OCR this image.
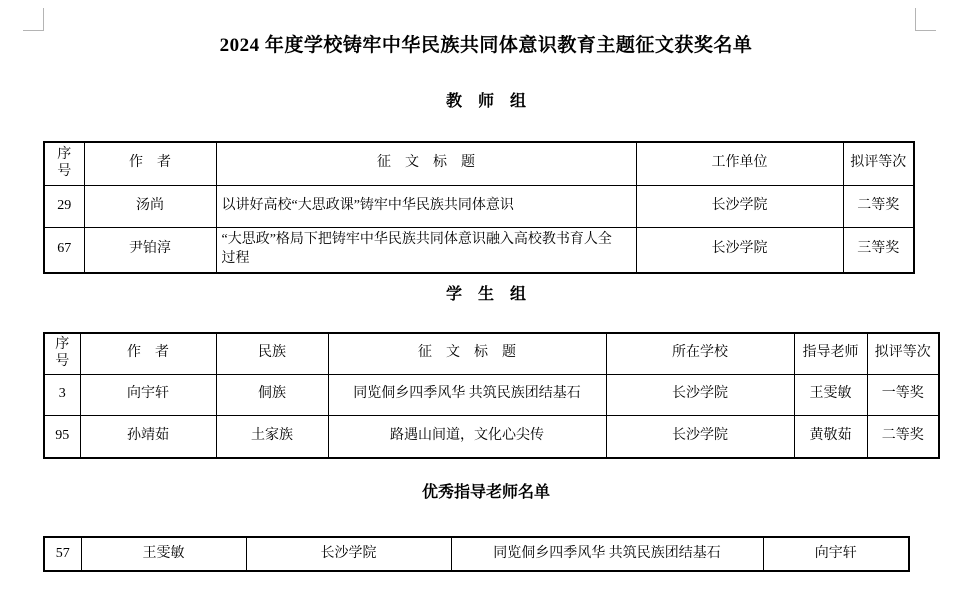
2024 年度学校铸牢中华民族共同体意识教育主题征文获奖名单
教　师　组
序号	作　者	征　文　标　题	工作单位	拟评等次
29	汤尚	以讲好高校“大思政课”铸牢中华民族共同体意识	长沙学院	二等奖
67	尹铂淳	“大思政”格局下把铸牢中华民族共同体意识融入高校教书育人全 过程	长沙学院	三等奖
学　生　组
序号	作　者	民族	征　文　标　题	所在学校	指导老师	拟评等次
3	向宇轩	侗族	同览侗乡四季风华 共筑民族团结基石	长沙学院	王雯敏	一等奖
95	孙靖茹	土家族	路遇山间道，文化心尖传	长沙学院	黄敬茹	二等奖
优秀指导老师名单
57	王雯敏	长沙学院	同览侗乡四季风华 共筑民族团结基石	向宇轩
